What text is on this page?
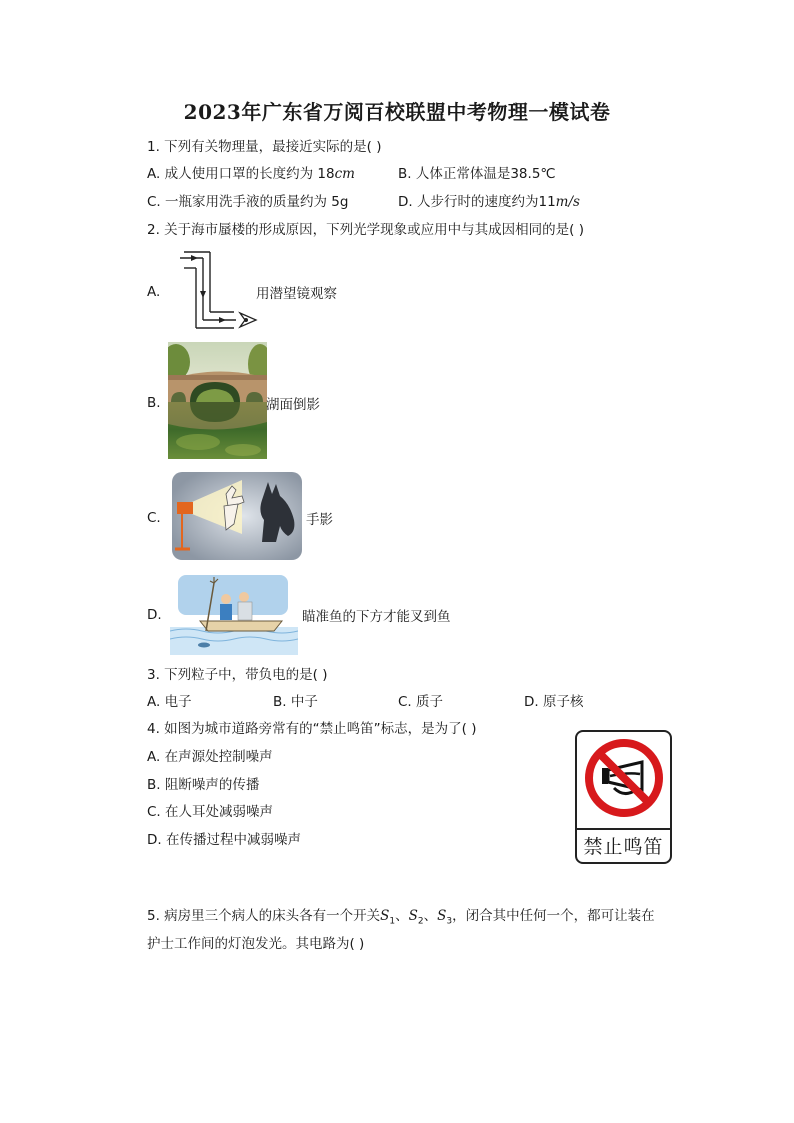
2023年广东省万阅百校联盟中考物理一模试卷
1. 下列有关物理量，最接近实际的是( )
A. 成人使用口罩的长度约为 18cm	B. 人体正常体温是38.5℃
C. 一瓶家用洗手液的质量约为 5g	D. 人步行时的速度约为11m/s
2. 关于海市蜃楼的形成原因，下列光学现象或应用中与其成因相同的是( )
A.	用潜望镜观察
B.	湖面倒影
C.	手影
D.	瞄准鱼的下方才能叉到鱼
3. 下列粒子中，带负电的是( )
A. 电子	B. 中子	C. 质子	D. 原子核
4. 如图为城市道路旁常有的“禁止鸣笛”标志，是为了( )
A. 在声源处控制噪声
B. 阻断噪声的传播
C. 在人耳处减弱噪声
D. 在传播过程中减弱噪声	禁止鸣笛
5. 病房里三个病人的床头各有一个开关$S_1$、$S_2$、$S_3$，闭合其中任何一个，都可让装在
护士工作间的灯泡发光。其电路为( )
